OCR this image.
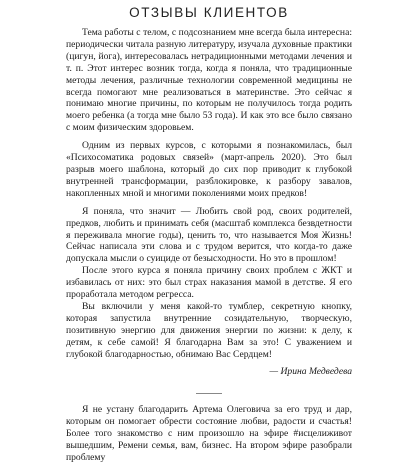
ОТЗЫВЫ КЛИЕНТОВ

Тема работы с телом, с подсознанием мне всегда была интересна: периодически читала разную литературу, изучала духовные практики (цигун, йога), интересовалась нетрадиционными методами лечения и т. п. Этот интерес возник тогда, когда я поняла, что традиционные методы лечения, различные технологии современной медицины не всегда помогают мне реализоваться в материнстве. Это сейчас я понимаю многие причины, по которым не получилось тогда родить моего ребенка (а тогда мне было 53 года). И как это все было связано с моим физическим здоровьем.

Одним из первых курсов, с которыми я познакомилась, был «Психосоматика родовых связей» (март-апрель 2020). Это был разрыв моего шаблона, который до сих пор приводит к глубокой внутренней трансформации, разблокировке, к разбору завалов, накопленных мной и многими поколениями моих предков!

Я поняла, что значит — Любить свой род, своих родителей, предков, любить и принимать себя (масштаб комплекса безвдетности я переживала многие годы), ценить то, что называется Моя Жизнь! Сейчас написала эти слова и с трудом верится, что когда-то даже допускала мысли о суициде от безысходности. Но это в прошлом!

После этого курса я поняла причину своих проблем с ЖКТ и избавилась от них: это был страх наказания мамой в детстве. Я его проработала методом регресса.

Вы включили у меня какой-то тумблер, секретную кнопку, которая запустила внутренние созидательную, творческую, позитивную энергию для движения энергии по жизни: к делу, к детям, к себе самой! Я благодарна Вам за это! С уважением и глубокой благодарностью, обнимаю Вас Сердцем!

— Ирина Медведева

Я не устану благодарить Артема Олеговича за его труд и дар, которым он помогает обрести состояние любви, радости и счастья! Более того знакомство с ним произошло на эфире #исцелиживот вышедшим, Ремени семья, вам, бизнес. На втором эфире разобрали проблему
